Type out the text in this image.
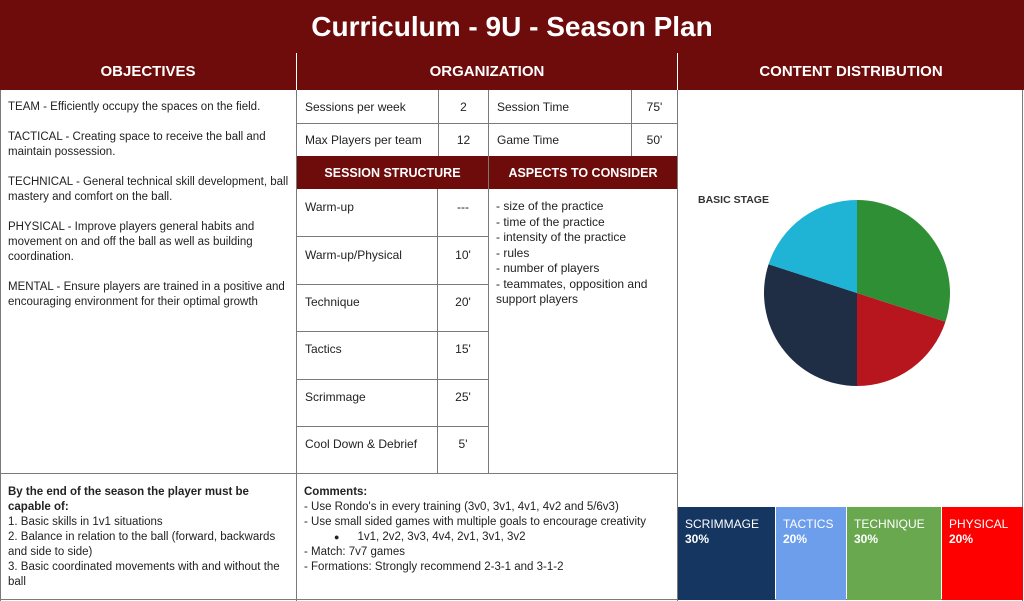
Curriculum - 9U - Season Plan
OBJECTIVES	ORGANIZATION	CONTENT DISTRIBUTION

TEAM - Efficiently occupy the spaces on the field.

TACTICAL - Creating space to receive the ball and maintain possession.

TECHNICAL - General technical skill development, ball mastery and comfort on the ball.

PHYSICAL - Improve players general habits and movement on and off the ball as well as building coordination.

MENTAL - Ensure players are trained in a positive and encouraging environment for their optimal growth

Sessions per week	2	Session Time	75'
Max Players per team	12	Game Time	50'
SESSION STRUCTURE	ASPECTS TO CONSIDER
Warm-up	---
Warm-up/Physical	10'
Technique	20'
Tactics	15'
Scrimmage	25'
Cool Down & Debrief	5'
- size of the practice
- time of the practice
- intensity of the practice
- rules
- number of players
- teammates, opposition and support players
By the end of the season the player must be capable of:
1. Basic skills in 1v1 situations
2. Balance in relation to the ball (forward, backwards and side to side)
3. Basic coordinated movements with and without the ball
Comments:
- Use Rondo's in every training (3v0, 3v1, 4v1, 4v2 and 5/6v3)
- Use small sided games with multiple goals to encourage creativity
● 1v1, 2v2, 3v3, 4v4, 2v1, 3v1, 3v2
- Match: 7v7 games
- Formations: Strongly recommend 2-3-1 and 3-1-2
BASIC STAGE
SCRIMMAGE
30%
TACTICS
20%
TECHNIQUE
30%
PHYSICAL
20%
